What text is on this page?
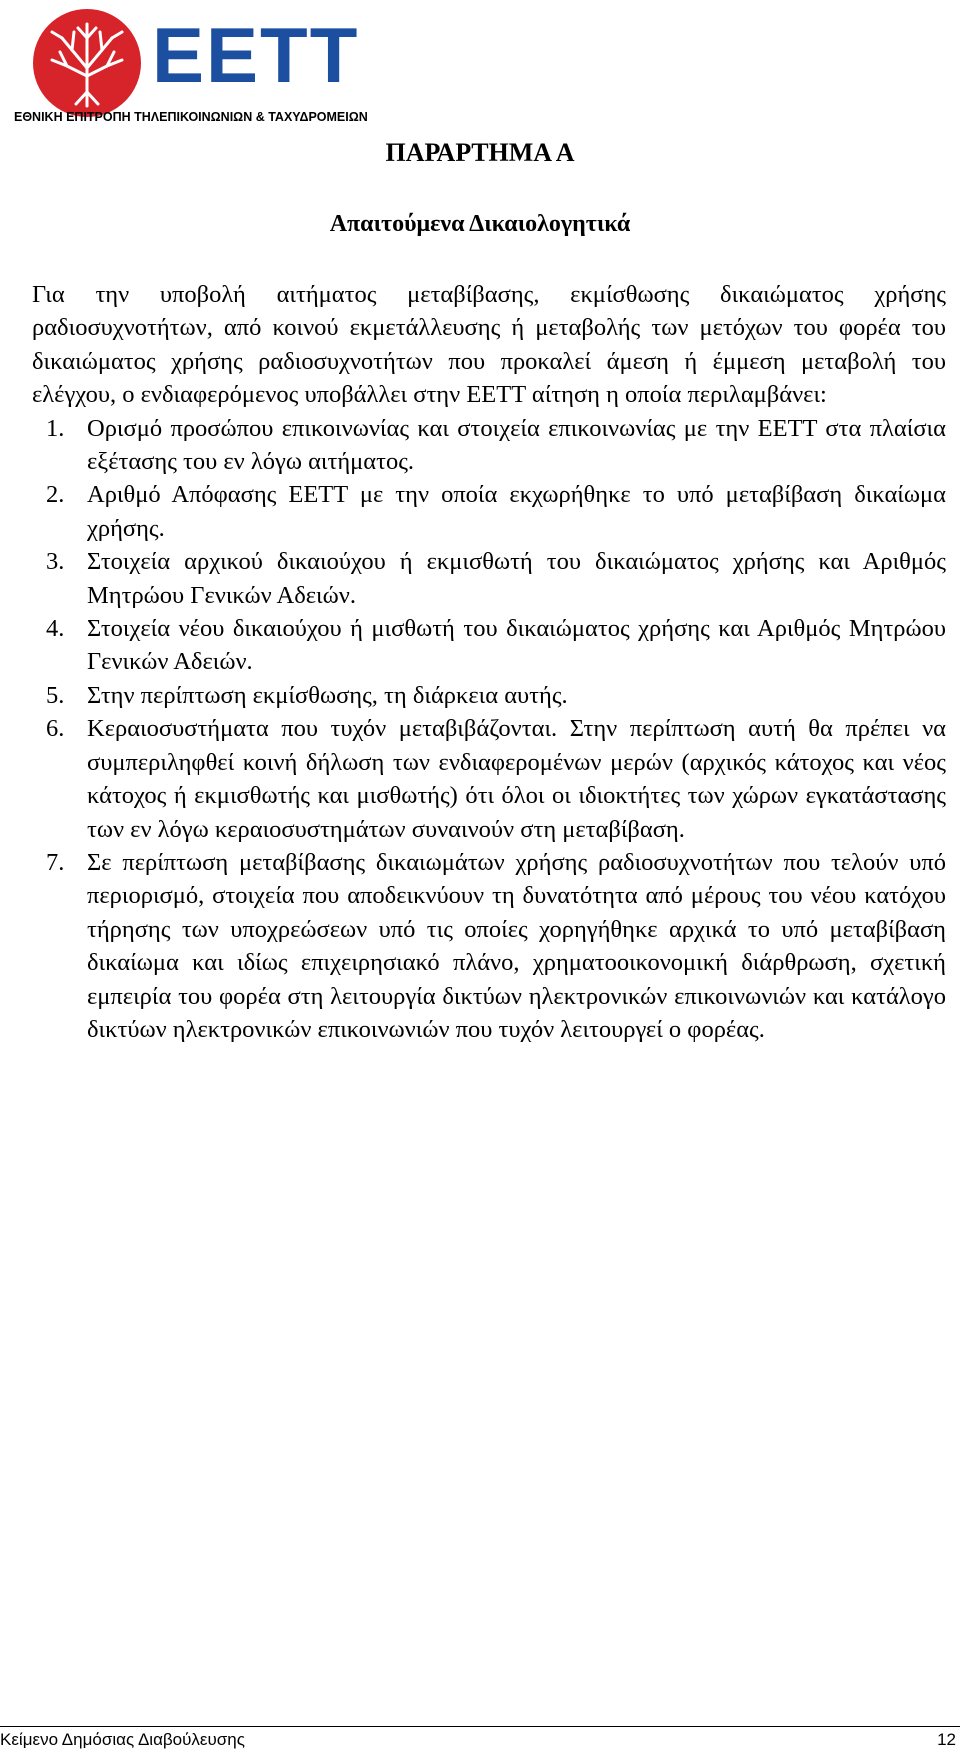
EETT
ΕΘΝΙΚΗ ΕΠΙΤΡΟΠΗ ΤΗΛΕΠΙΚΟΙΝΩΝΙΩΝ & ΤΑΧΥΔΡΟΜΕΙΩΝ
ΠΑΡΑΡΤΗΜΑ Α
Απαιτούμενα Δικαιολογητικά

Για την υποβολή αιτήματος μεταβίβασης, εκμίσθωσης δικαιώματος χρήσης ραδιοσυχνοτήτων, από κοινού εκμετάλλευσης ή μεταβολής των μετόχων του φορέα του δικαιώματος χρήσης ραδιοσυχνοτήτων που προκαλεί άμεση ή έμμεση μεταβολή του ελέγχου, ο ενδιαφερόμενος υποβάλλει στην ΕΕΤΤ αίτηση η οποία περιλαμβάνει:

1. Ορισμό προσώπου επικοινωνίας και στοιχεία επικοινωνίας με την ΕΕΤΤ στα πλαίσια εξέτασης του εν λόγω αιτήματος.
2. Αριθμό Απόφασης ΕΕΤΤ με την οποία εκχωρήθηκε το υπό μεταβίβαση δικαίωμα χρήσης.
3. Στοιχεία αρχικού δικαιούχου ή εκμισθωτή του δικαιώματος χρήσης και Αριθμός Μητρώου Γενικών Αδειών.
4. Στοιχεία νέου δικαιούχου ή μισθωτή του δικαιώματος χρήσης και Αριθμός Μητρώου Γενικών Αδειών.
5. Στην περίπτωση εκμίσθωσης, τη διάρκεια αυτής.
6. Κεραιοσυστήματα που τυχόν μεταβιβάζονται. Στην περίπτωση αυτή θα πρέπει να συμπεριληφθεί κοινή δήλωση των ενδιαφερομένων μερών (αρχικός κάτοχος και νέος κάτοχος ή εκμισθωτής και μισθωτής) ότι όλοι οι ιδιοκτήτες των χώρων εγκατάστασης των εν λόγω κεραιοσυστημάτων συναινούν στη μεταβίβαση.
7. Σε περίπτωση μεταβίβασης δικαιωμάτων χρήσης ραδιοσυχνοτήτων που τελούν υπό περιορισμό, στοιχεία που αποδεικνύουν τη δυνατότητα από μέρους του νέου κατόχου τήρησης των υποχρεώσεων υπό τις οποίες χορηγήθηκε αρχικά το υπό μεταβίβαση δικαίωμα και ιδίως επιχειρησιακό πλάνο, χρηματοοικονομική διάρθρωση, σχετική εμπειρία του φορέα στη λειτουργία δικτύων ηλεκτρονικών επικοινωνιών και κατάλογο δικτύων ηλεκτρονικών επικοινωνιών που τυχόν λειτουργεί ο φορέας.
Κείμενο Δημόσιας Διαβούλευσης	12
